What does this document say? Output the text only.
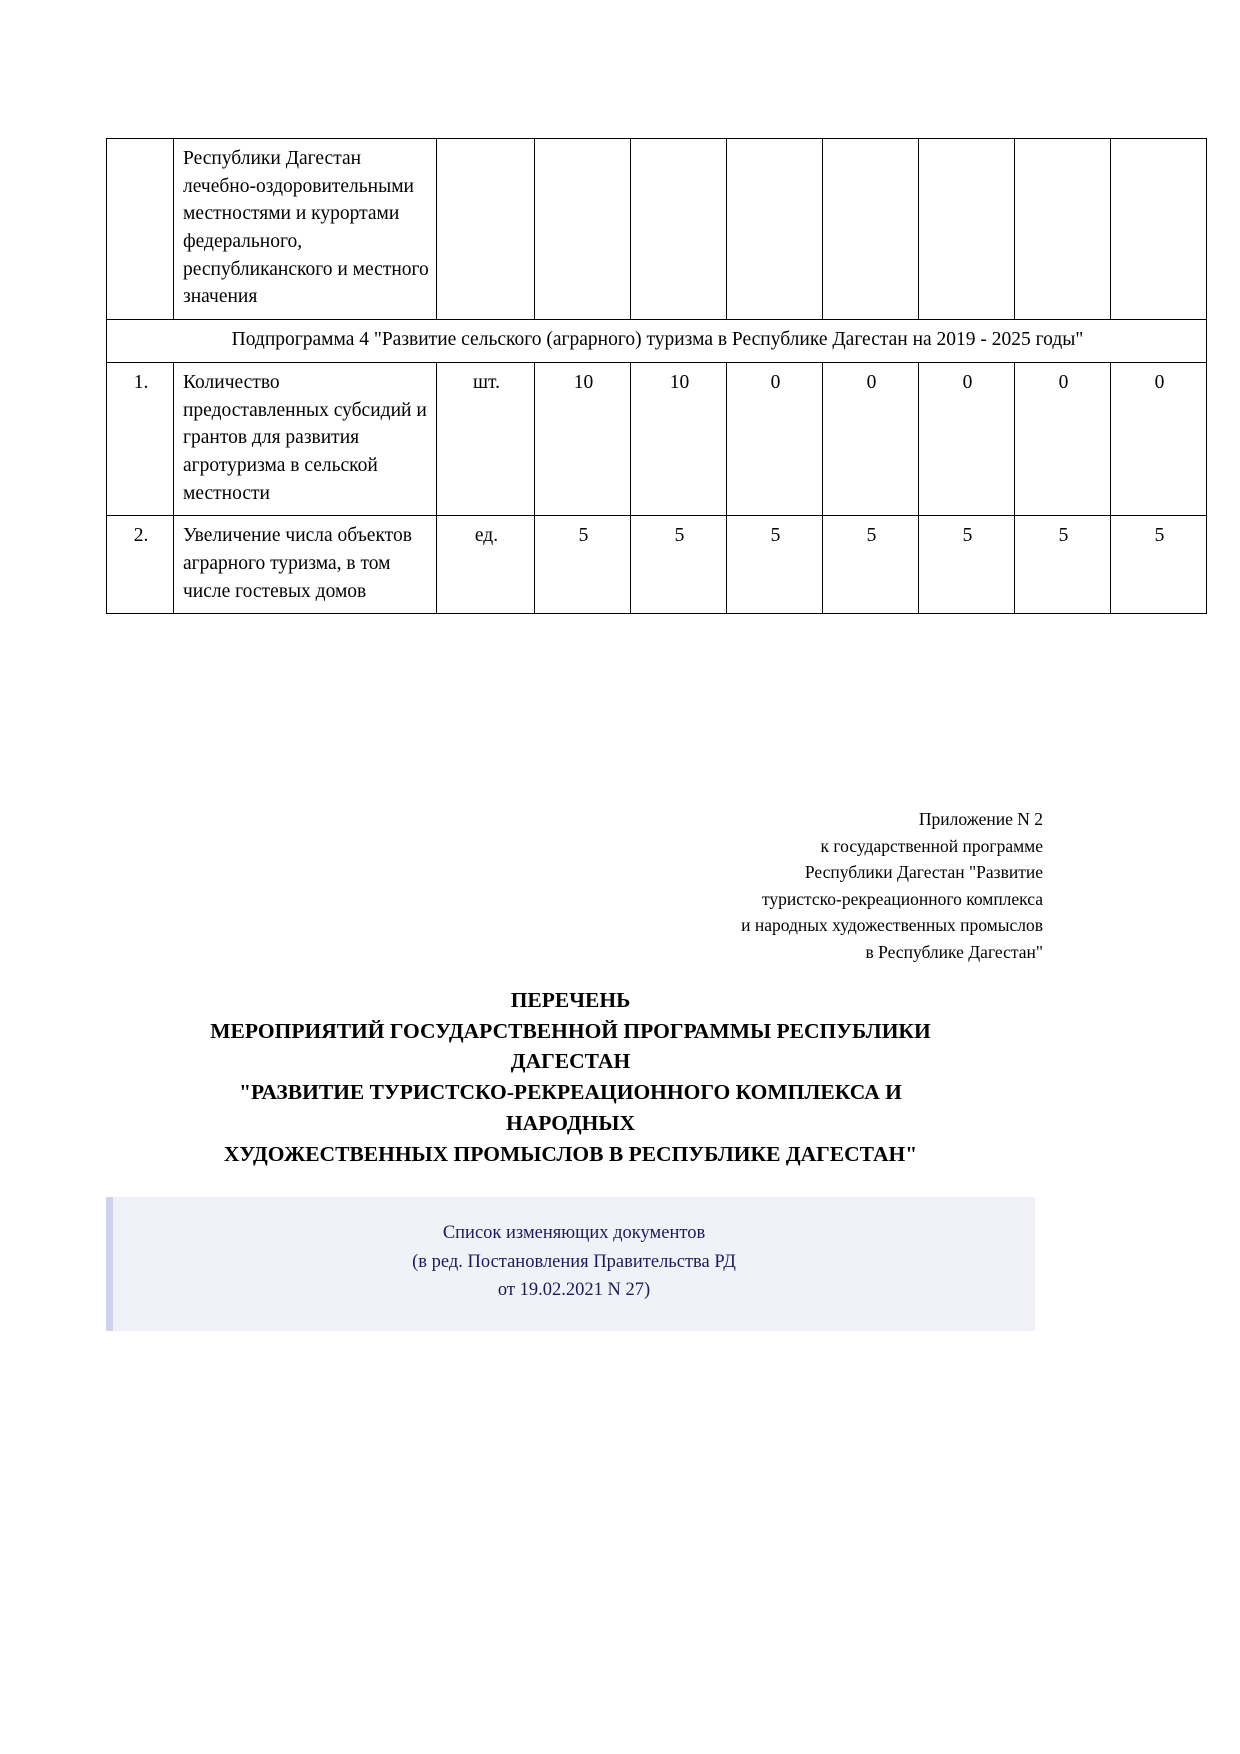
	Республики Дагестан лечебно-оздоровительными местностями и курортами федерального, республиканского и местного значения								
Подпрограмма 4 "Развитие сельского (аграрного) туризма в Республике Дагестан на 2019 - 2025 годы"									
1.	Количество предоставленных субсидий и грантов для развития агротуризма в сельской местности	шт.	10	10	0	0	0	0	0
2.	Увеличение числа объектов аграрного туризма, в том числе гостевых домов	ед.	5	5	5	5	5	5	5
Приложение N 2
к государственной программе
Республики Дагестан "Развитие
туристско-рекреационного комплекса
и народных художественных промыслов
в Республике Дагестан"
ПЕРЕЧЕНЬ
МЕРОПРИЯТИЙ ГОСУДАРСТВЕННОЙ ПРОГРАММЫ РЕСПУБЛИКИ
ДАГЕСТАН
"РАЗВИТИЕ ТУРИСТСКО-РЕКРЕАЦИОННОГО КОМПЛЕКСА И
НАРОДНЫХ
ХУДОЖЕСТВЕННЫХ ПРОМЫСЛОВ В РЕСПУБЛИКЕ ДАГЕСТАН"
Список изменяющих документов
(в ред. Постановления Правительства РД
от 19.02.2021 N 27)
